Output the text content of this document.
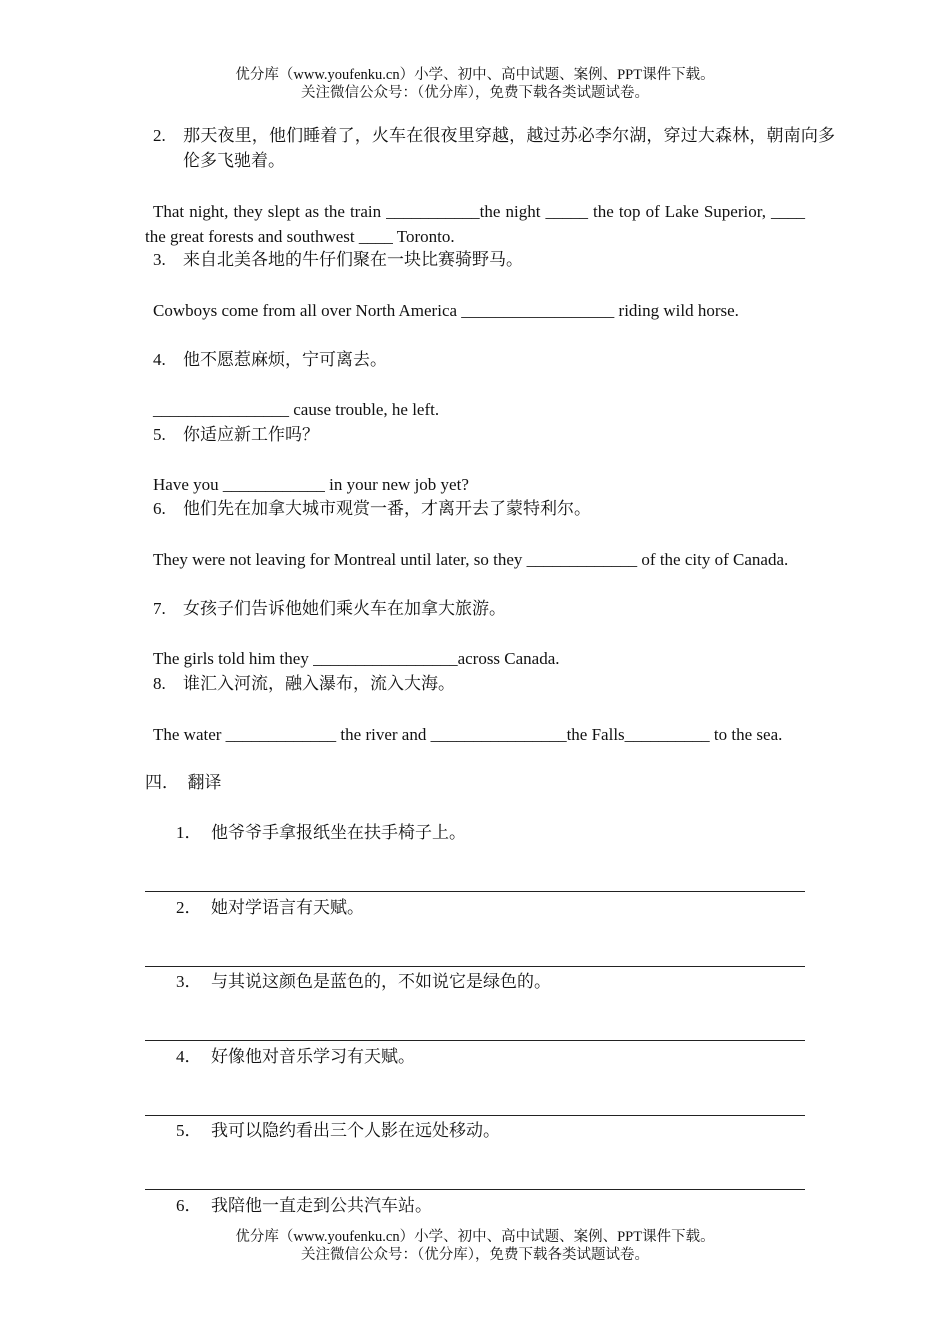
优分库（www.youfenku.cn）小学、初中、高中试题、案例、PPT课件下载。
关注微信公众号：（优分库），免费下载各类试题试卷。
2. 那天夜里，他们睡着了，火车在很夜里穿越，越过苏必李尔湖，穿过大森林，朝南向多伦多飞驰着。
That night, they slept as the train ___________the night _____ the top of Lake Superior, ____ the great forests and southwest ____ Toronto.
3. 来自北美各地的牛仔们聚在一块比赛骑野马。
Cowboys come from all over North America __________________ riding wild horse.
4. 他不愿惹麻烦，宁可离去。
________________ cause trouble, he left.
5. 你适应新工作吗？
Have you ____________ in your new job yet?
6. 他们先在加拿大城市观赏一番，才离开去了蒙特利尔。
They were not leaving for Montreal until later, so they _____________ of the city of Canada.
7. 女孩子们告诉他她们乘火车在加拿大旅游。
The girls told him they _________________across Canada.
8. 谁汇入河流，融入瀑布，流入大海。
The water _____________ the river and ________________the Falls__________ to the sea.
四．  翻译
1． 他爷爷手拿报纸坐在扶手椅子上。
2． 她对学语言有天赋。
3． 与其说这颜色是蓝色的，不如说它是绿色的。
4． 好像他对音乐学习有天赋。
5． 我可以隐约看出三个人影在远处移动。
6． 我陪他一直走到公共汽车站。
优分库（www.youfenku.cn）小学、初中、高中试题、案例、PPT课件下载。
关注微信公众号：（优分库），免费下载各类试题试卷。
